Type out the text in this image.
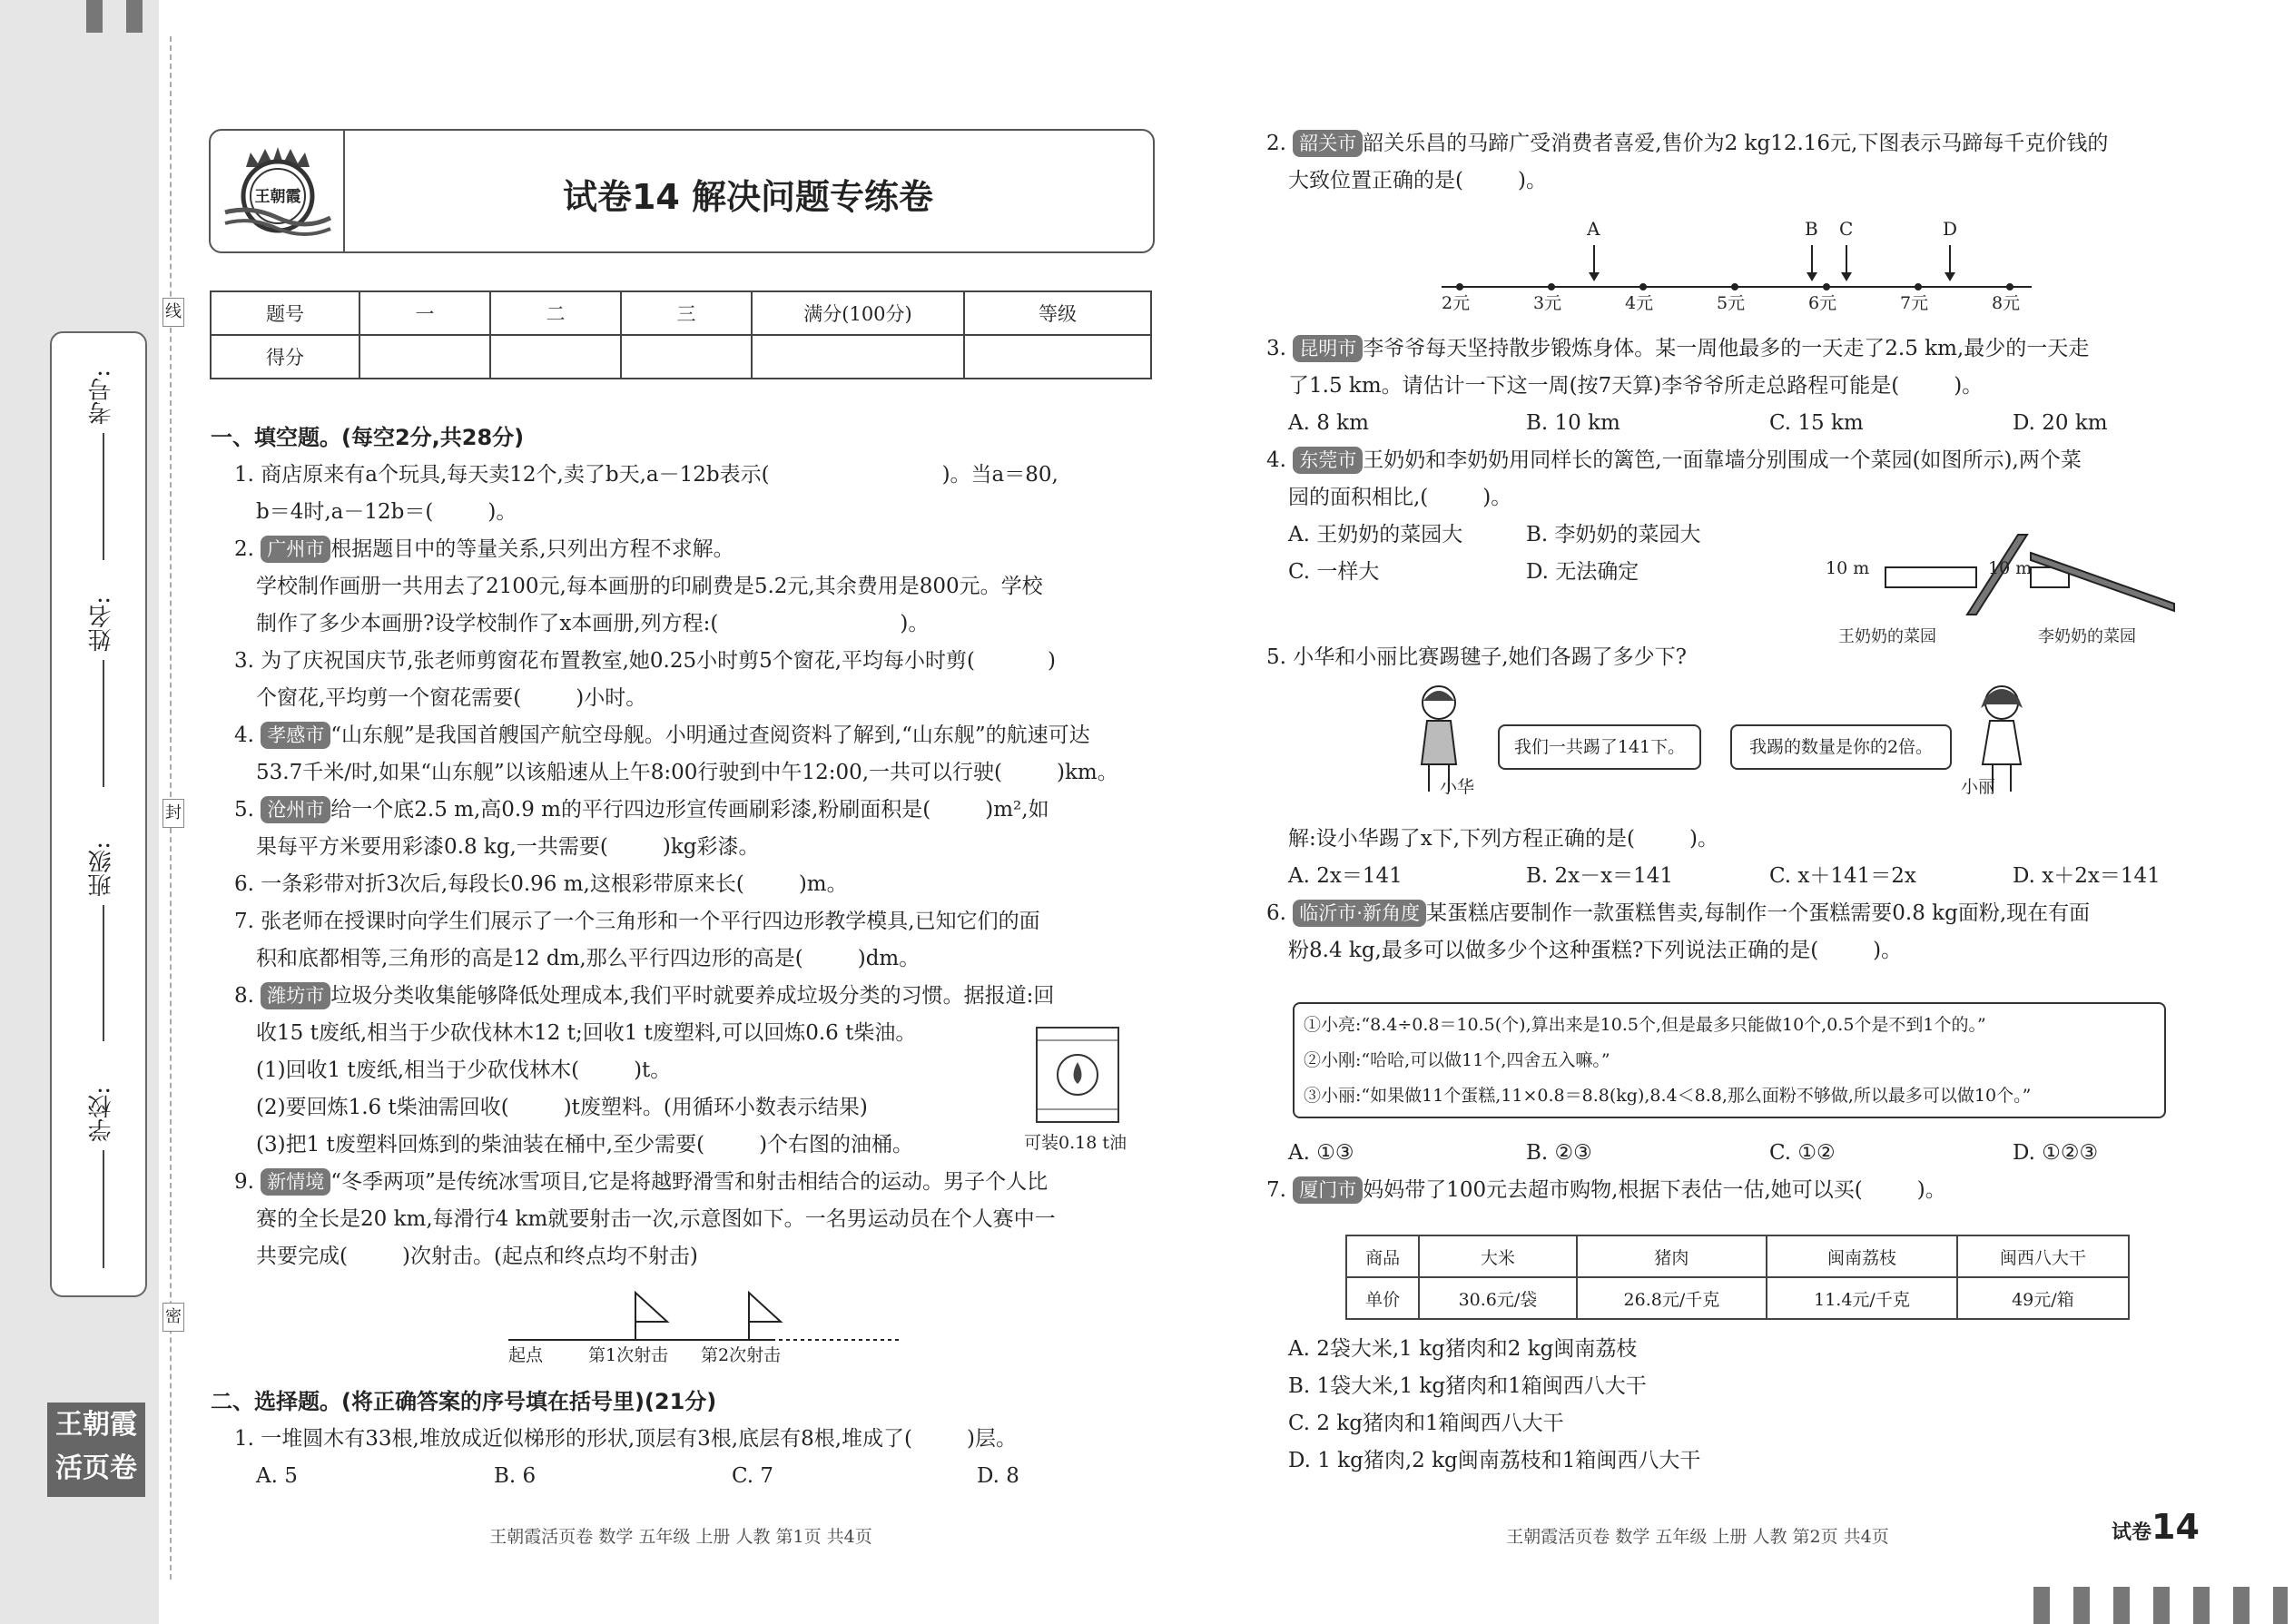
考号:
姓名:
班级:
学校:
线
封
密
王朝霞
活页卷
王朝霞	试卷14 解决问题专练卷
题号	一	二	三	满分(100分)	等级
得分					
一、填空题。(每空2分,共28分)
1. 商店原来有a个玩具,每天卖12个,卖了b天,a－12b表示(	)。当a＝80,
b＝4时,a－12b＝(	)。
2. 广州市 根据题目中的等量关系,只列出方程不求解。
学校制作画册一共用去了2100元,每本画册的印刷费是5.2元,其余费用是800元。学校
制作了多少本画册?设学校制作了x本画册,列方程:(	)。
3. 为了庆祝国庆节,张老师剪窗花布置教室,她0.25小时剪5个窗花,平均每小时剪(	)
个窗花,平均剪一个窗花需要(	)小时。
4. 孝感市 “山东舰”是我国首艘国产航空母舰。小明通过查阅资料了解到,“山东舰”的航速可达
53.7千米/时,如果“山东舰”以该船速从上午8:00行驶到中午12:00,一共可以行驶(	)km。
5. 沧州市 给一个底2.5 m,高0.9 m的平行四边形宣传画刷彩漆,粉刷面积是(	)m²,如
果每平方米要用彩漆0.8 kg,一共需要(	)kg彩漆。
6. 一条彩带对折3次后,每段长0.96 m,这根彩带原来长(	)m。
7. 张老师在授课时向学生们展示了一个三角形和一个平行四边形教学模具,已知它们的面
积和底都相等,三角形的高是12 dm,那么平行四边形的高是(	)dm。
8. 潍坊市 垃圾分类收集能够降低处理成本,我们平时就要养成垃圾分类的习惯。据报道:回
收15 t废纸,相当于少砍伐林木12 t;回收1 t废塑料,可以回炼0.6 t柴油。
(1)回收1 t废纸,相当于少砍伐林木(	)t。
(2)要回炼1.6 t柴油需回收(	)t废塑料。(用循环小数表示结果)
(3)把1 t废塑料回炼到的柴油装在桶中,至少需要(	)个右图的油桶。
9. 新情境 “冬季两项”是传统冰雪项目,它是将越野滑雪和射击相结合的运动。男子个人比
赛的全长是20 km,每滑行4 km就要射击一次,示意图如下。一名男运动员在个人赛中一
共要完成(	)次射击。(起点和终点均不射击)
可装0.18 t油
起点	第1次射击 第2次射击
二、选择题。(将正确答案的序号填在括号里)(21分)
1. 一堆圆木有33根,堆放成近似梯形的形状,顶层有3根,底层有8根,堆成了(	)层。
A. 5	B. 6	C. 7	D. 8
王朝霞活页卷 数学 五年级 上册 人教 第1页 共4页
2. 韶关市 韶关乐昌的马蹄广受消费者喜爱,售价为2 kg12.16元,下图表示马蹄每千克价钱的
大致位置正确的是(	)。
A	B C	D
2元	3元	4元	5元	6元	7元	8元
3. 昆明市 李爷爷每天坚持散步锻炼身体。某一周他最多的一天走了2.5 km,最少的一天走
了1.5 km。请估计一下这一周(按7天算)李爷爷所走总路程可能是(	)。
A. 8 km	B. 10 km	C. 15 km	D. 20 km
4. 东莞市 王奶奶和李奶奶用同样长的篱笆,一面靠墙分别围成一个菜园(如图所示),两个菜
园的面积相比,(	)。
A. 王奶奶的菜园大	B. 李奶奶的菜园大
C. 一样大	D. 无法确定	10 m	10 m
王奶奶的菜园	李奶奶的菜园
5. 小华和小丽比赛踢毽子,她们各踢了多少下?
我们一共踢了141下。	我踢的数量是你的2倍。
小华	小丽
解:设小华踢了x下,下列方程正确的是(	)。
A. 2x＝141	B. 2x－x＝141	C. x＋141＝2x	D. x＋2x＝141
6. 临沂市·新角度 某蛋糕店要制作一款蛋糕售卖,每制作一个蛋糕需要0.8 kg面粉,现在有面
粉8.4 kg,最多可以做多少个这种蛋糕?下列说法正确的是(	)。
①小亮:“8.4÷0.8＝10.5(个),算出来是10.5个,但是最多只能做10个,0.5个是不到1个的。”
②小刚:“哈哈,可以做11个,四舍五入嘛。”
③小丽:“如果做11个蛋糕,11×0.8＝8.8(kg),8.4＜8.8,那么面粉不够做,所以最多可以做10个。”
A. ①③	B. ②③	C. ①②	D. ①②③
7. 厦门市 妈妈带了100元去超市购物,根据下表估一估,她可以买(	)。
商品	大米	猪肉	闽南荔枝	闽西八大干
单价	30.6元/袋	26.8元/千克	11.4元/千克	49元/箱
A. 2袋大米,1 kg猪肉和2 kg闽南荔枝
B. 1袋大米,1 kg猪肉和1箱闽西八大干
C. 2 kg猪肉和1箱闽西八大干
D. 1 kg猪肉,2 kg闽南荔枝和1箱闽西八大干
王朝霞活页卷 数学 五年级 上册 人教 第2页 共4页	试卷14
